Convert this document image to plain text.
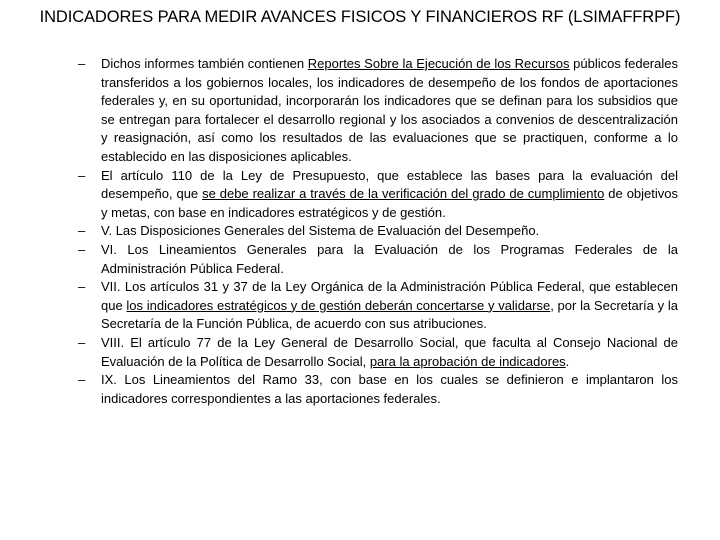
INDICADORES PARA MEDIR AVANCES FISICOS Y FINANCIEROS RF (LSIMAFFRPF)
– Dichos informes también contienen Reportes Sobre la Ejecución de los Recursos públicos federales transferidos a los gobiernos locales, los indicadores de desempeño de los fondos de aportaciones federales y, en su oportunidad, incorporarán los indicadores que se definan para los subsidios que se entregan para fortalecer el desarrollo regional y los asociados a convenios de descentralización y reasignación, así como los resultados de las evaluaciones que se practiquen, conforme a lo establecido en las disposiciones aplicables.
– El artículo 110 de la Ley de Presupuesto, que establece las bases para la evaluación del desempeño, que se debe realizar a través de la verificación del grado de cumplimiento de objetivos y metas, con base en indicadores estratégicos y de gestión.
– V. Las Disposiciones Generales del Sistema de Evaluación del Desempeño.
– VI. Los Lineamientos Generales para la Evaluación de los Programas Federales de la Administración Pública Federal.
– VII. Los artículos 31 y 37 de la Ley Orgánica de la Administración Pública Federal, que establecen que los indicadores estratégicos y de gestión deberán concertarse y validarse, por la Secretaría y la Secretaría de la Función Pública, de acuerdo con sus atribuciones.
– VIII. El artículo 77 de la Ley General de Desarrollo Social, que faculta al Consejo Nacional de Evaluación de la Política de Desarrollo Social, para la aprobación de indicadores.
– IX. Los Lineamientos del Ramo 33, con base en los cuales se definieron e implantaron los indicadores correspondientes a las aportaciones federales.
